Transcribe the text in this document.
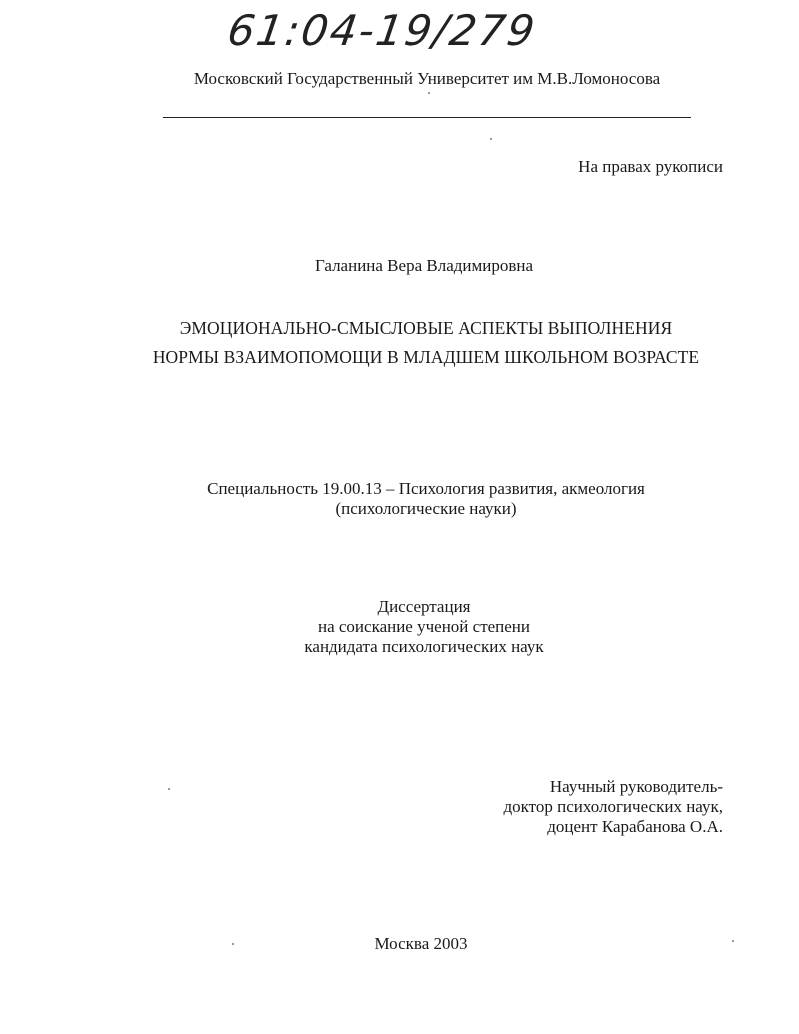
61:04-19/279
Московский Государственный Университет им М.В.Ломоносова
На правах рукописи
Галанина Вера Владимировна
ЭМОЦИОНАЛЬНО-СМЫСЛОВЫЕ АСПЕКТЫ ВЫПОЛНЕНИЯ
НОРМЫ ВЗАИМОПОМОЩИ В МЛАДШЕМ ШКОЛЬНОМ ВОЗРАСТЕ
Специальность 19.00.13 – Психология развития, акмеология
(психологические науки)
Диссертация
на соискание ученой степени
кандидата психологических наук
Научный руководитель-
доктор психологических наук,
доцент Карабанова О.А.
Москва 2003
